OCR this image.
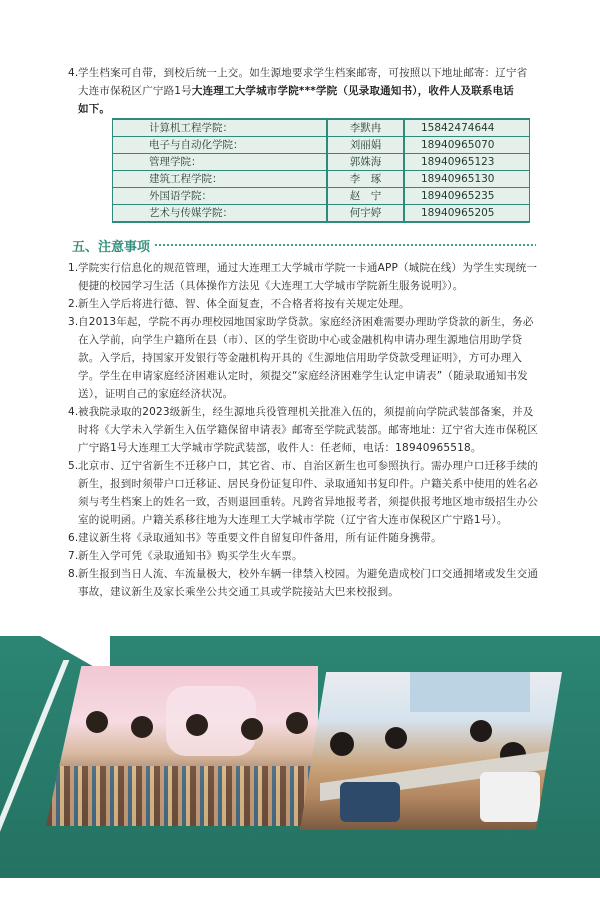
4. 学生档案可自带，到校后统一上交。如生源地要求学生档案邮寄，可按照以下地址邮寄：辽宁省
大连市保税区广宁路1号大连理工大学城市学院***学院（见录取通知书），收件人及联系电话
如下。
计算机工程学院：	李默冉	15842474644
电子与自动化学院：	刘丽娟	18940965070
管理学院：	郭姝海	18940965123
建筑工程学院：	李　琢	18940965130
外国语学院：	赵　宁	18940965235
艺术与传媒学院：	何宇婷	18940965205
五、注意事项
1. 学院实行信息化的规范管理，通过大连理工大学城市学院一卡通APP（城院在线）为学生实现统一便捷的校园学习生活（具体操作方法见《大连理工大学城市学院新生服务说明》）。
2. 新生入学后将进行德、智、体全面复查，不合格者将按有关规定处理。
3. 自2013年起，学院不再办理校园地国家助学贷款。家庭经济困难需要办理助学贷款的新生，务必在入学前，向学生户籍所在县（市）、区的学生资助中心或金融机构申请办理生源地信用助学贷款。入学后，持国家开发银行等金融机构开具的《生源地信用助学贷款受理证明》，方可办理入学。学生在申请家庭经济困难认定时，须提交“家庭经济困难学生认定申请表”（随录取通知书发送），证明自己的家庭经济状况。
4. 被我院录取的2023级新生，经生源地兵役管理机关批准入伍的，须提前向学院武装部备案，并及时将《大学未入学新生入伍学籍保留申请表》邮寄至学院武装部。邮寄地址：辽宁省大连市保税区广宁路1号大连理工大学城市学院武装部，收件人：任老师，电话：18940965518。
5. 北京市、辽宁省新生不迁移户口，其它省、市、自治区新生也可参照执行。需办理户口迁移手续的新生，报到时须带户口迁移证、居民身份证复印件、录取通知书复印件。户籍关系中使用的姓名必须与考生档案上的姓名一致，否则退回重转。凡跨省异地报考者，须提供报考地区地市级招生办公室的说明函。户籍关系移往地为大连理工大学城市学院（辽宁省大连市保税区广宁路1号）。
6. 建议新生将《录取通知书》等重要文件自留复印件备用，所有证件随身携带。
7. 新生入学可凭《录取通知书》购买学生火车票。
8. 新生报到当日人流、车流量极大，校外车辆一律禁入校园。为避免造成校门口交通拥堵或发生交通事故，建议新生及家长乘坐公共交通工具或学院接站大巴来校报到。
